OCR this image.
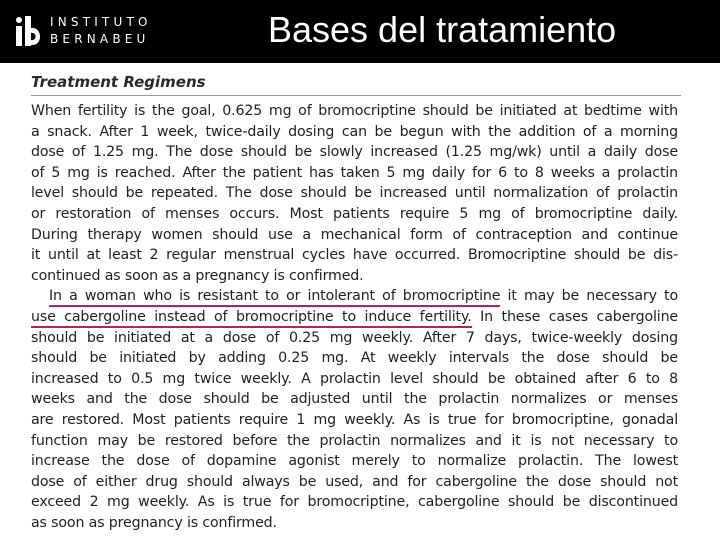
INSTITUTO
BERNABEU	Bases del tratamiento
Treatment Regimens
When fertility is the goal, 0.625 mg of bromocriptine should be initiated at bedtime with
a snack. After 1 week, twice-daily dosing can be begun with the addition of a morning
dose of 1.25 mg. The dose should be slowly increased (1.25 mg/wk) until a daily dose
of 5 mg is reached. After the patient has taken 5 mg daily for 6 to 8 weeks a prolactin
level should be repeated. The dose should be increased until normalization of prolactin
or restoration of menses occurs. Most patients require 5 mg of bromocriptine daily.
During therapy women should use a mechanical form of contraception and continue
it until at least 2 regular menstrual cycles have occurred. Bromocriptine should be dis-
continued as soon as a pregnancy is confirmed.
In a woman who is resistant to or intolerant of bromocriptine it may be necessary to
use cabergoline instead of bromocriptine to induce fertility. In these cases cabergoline
should be initiated at a dose of 0.25 mg weekly. After 7 days, twice-weekly dosing
should be initiated by adding 0.25 mg. At weekly intervals the dose should be
increased to 0.5 mg twice weekly. A prolactin level should be obtained after 6 to 8
weeks and the dose should be adjusted until the prolactin normalizes or menses
are restored. Most patients require 1 mg weekly. As is true for bromocriptine, gonadal
function may be restored before the prolactin normalizes and it is not necessary to
increase the dose of dopamine agonist merely to normalize prolactin. The lowest
dose of either drug should always be used, and for cabergoline the dose should not
exceed 2 mg weekly. As is true for bromocriptine, cabergoline should be discontinued
as soon as pregnancy is confirmed.
